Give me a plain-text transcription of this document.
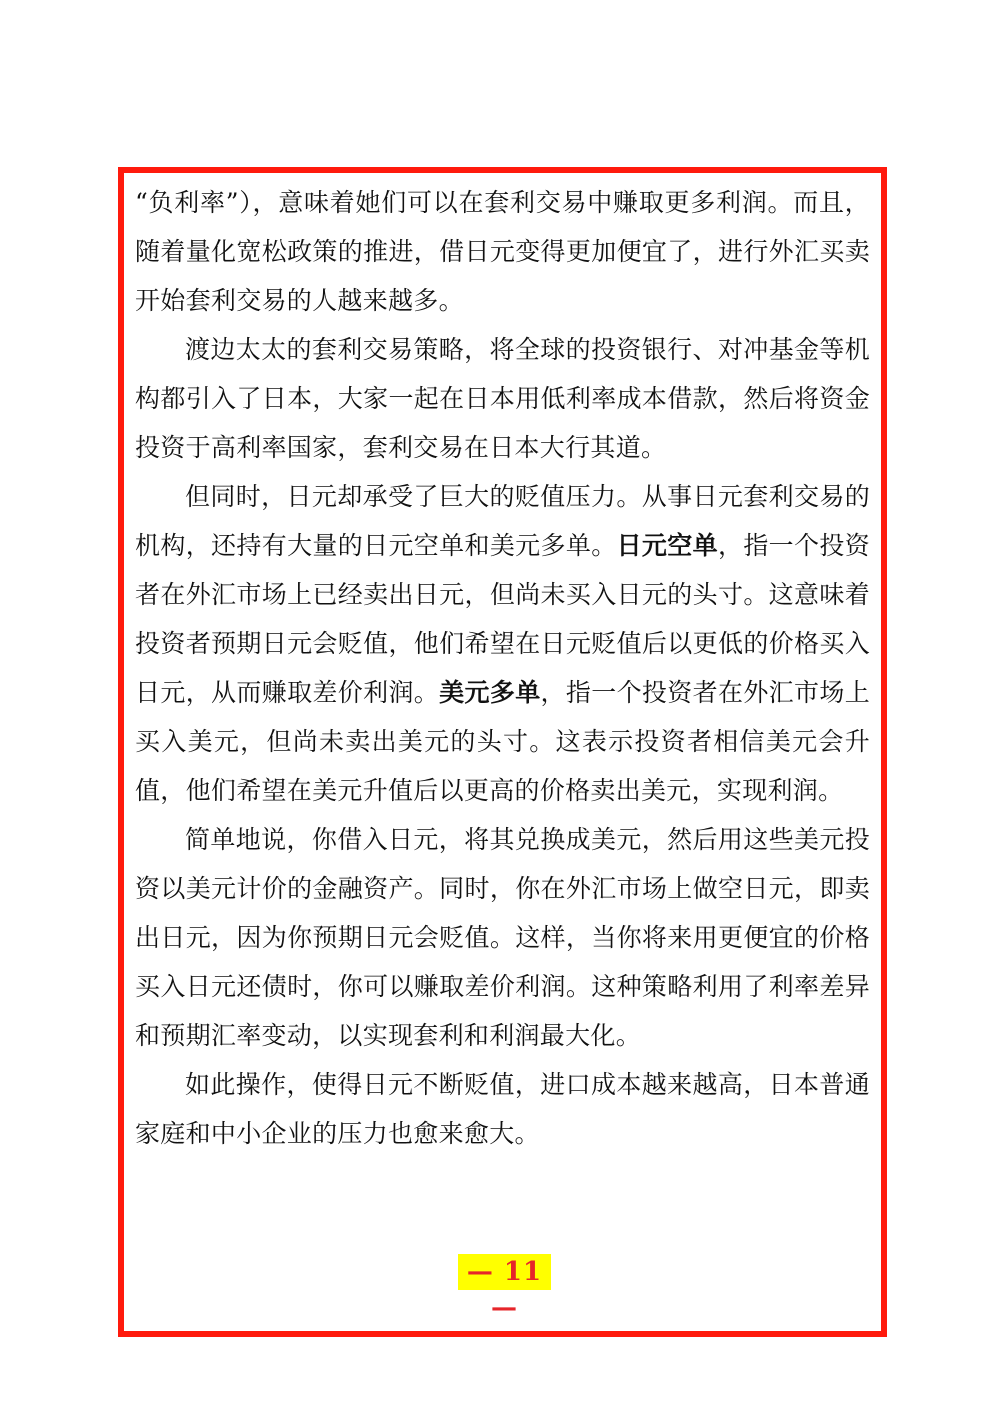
“负利率”），意味着她们可以在套利交易中赚取更多利润。而且，随着量化宽松政策的推进，借日元变得更加便宜了，进行外汇买卖开始套利交易的人越来越多。

渡边太太的套利交易策略，将全球的投资银行、对冲基金等机构都引入了日本，大家一起在日本用低利率成本借款，然后将资金投资于高利率国家，套利交易在日本大行其道。

但同时，日元却承受了巨大的贬值压力。从事日元套利交易的机构，还持有大量的日元空单和美元多单。日元空单，指一个投资者在外汇市场上已经卖出日元，但尚未买入日元的头寸。这意味着投资者预期日元会贬值，他们希望在日元贬值后以更低的价格买入日元，从而赚取差价利润。美元多单，指一个投资者在外汇市场上买入美元，但尚未卖出美元的头寸。这表示投资者相信美元会升值，他们希望在美元升值后以更高的价格卖出美元，实现利润。

简单地说，你借入日元，将其兑换成美元，然后用这些美元投资以美元计价的金融资产。同时，你在外汇市场上做空日元，即卖出日元，因为你预期日元会贬值。这样，当你将来用更便宜的价格买入日元还债时，你可以赚取差价利润。这种策略利用了利率差异和预期汇率变动，以实现套利和利润最大化。

如此操作，使得日元不断贬值，进口成本越来越高，日本普通家庭和中小企业的压力也愈来愈大。

— 11 —
